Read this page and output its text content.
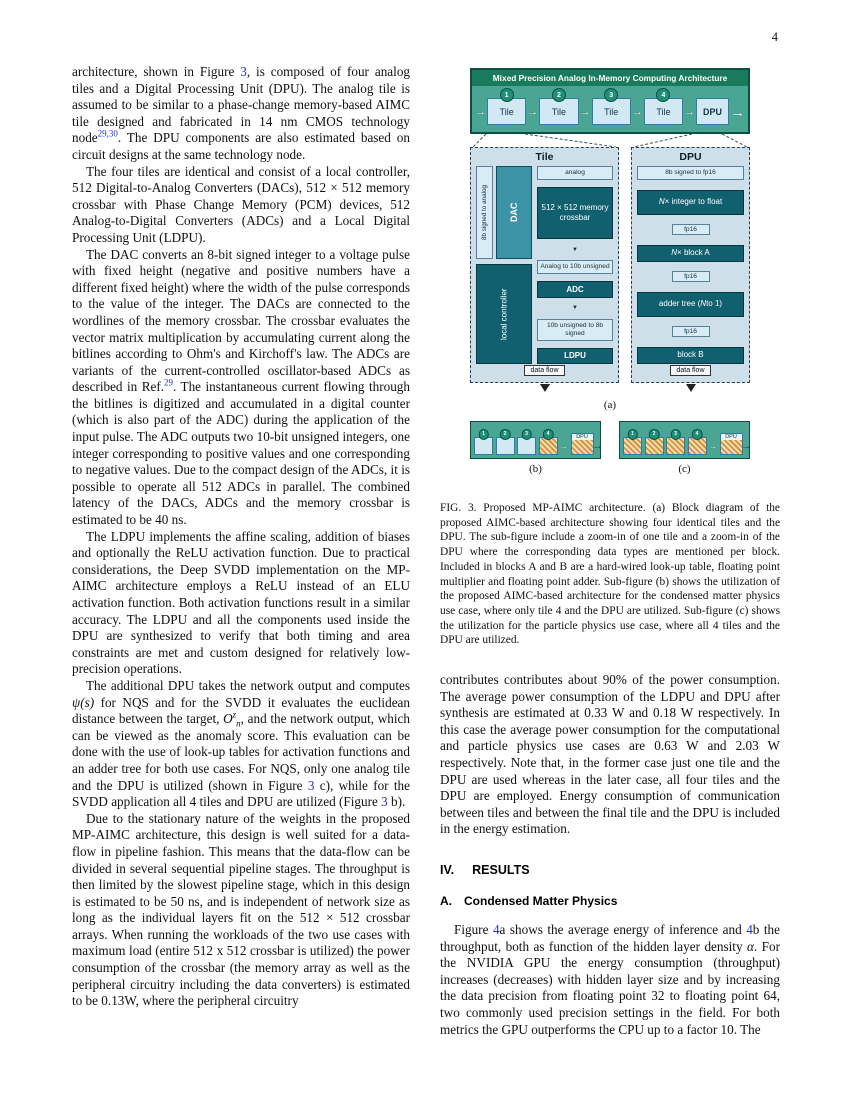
4

architecture, shown in Figure 3, is composed of four analog tiles and a Digital Processing Unit (DPU). The analog tile is assumed to be similar to a phase-change memory-based AIMC tile designed and fabricated in 14 nm CMOS technology node$^{29,30}$. The DPU components are also estimated based on circuit designs at the same technology node.

The four tiles are identical and consist of a local controller, 512 Digital-to-Analog Converters (DACs), 512 × 512 memory crossbar with Phase Change Memory (PCM) devices, 512 Analog-to-Digital Converters (ADCs) and a Local Digital Processing Unit (LDPU).

The DAC converts an 8-bit signed integer to a voltage pulse with fixed height (negative and positive numbers have a different fixed height) where the width of the pulse corresponds to the value of the integer. The DACs are connected to the wordlines of the memory crossbar. The crossbar evaluates the vector matrix multiplication by accumulating current along the bitlines according to Ohm's and Kirchoff's law. The ADCs are variants of the current-controlled oscillator-based ADCs as described in Ref.$^{29}$. The instantaneous current flowing through the bitlines is digitized and accumulated in a digital counter (which is also part of the ADC) during the application of the input pulse. The ADC outputs two 10-bit unsigned integers, one integer corresponding to positive values and one corresponding to negative values. Due to the compact design of the ADCs, it is possible to operate all 512 ADCs in parallel. The combined latency of the DACs, ADCs and the memory crossbar is estimated to be 40 ns.

The LDPU implements the affine scaling, addition of biases and optionally the ReLU activation function. Due to practical considerations, the Deep SVDD implementation on the MP-AIMC architecture employs a ReLU instead of an ELU activation function. Both activation functions result in a similar accuracy. The LDPU and all the components used inside the DPU are synthesized to verify that both timing and area constraints are met and custom designed for relatively low-precision operations.

The additional DPU takes the network output and computes ψ(s) for NQS and for the SVDD it evaluates the euclidean distance between the target, $O^z_n$, and the network output, which can be viewed as the anomaly score. This evaluation can be done with the use of look-up tables for activation functions and an adder tree for both use cases. For NQS, only one analog tile and the DPU is utilized (shown in Figure 3 c), while for the SVDD application all 4 tiles and DPU are utilized (Figure 3 b).

Due to the stationary nature of the weights in the proposed MP-AIMC architecture, this design is well suited for a data-flow in pipeline fashion. This means that the data-flow can be divided in several sequential pipeline stages. The throughput is then limited by the slowest pipeline stage, which in this design is estimated to be 50 ns, and is independent of network size as long as the individual layers fit on the 512 × 512 crossbar arrays. When running the workloads of the two use cases with maximum load (entire 512 x 512 crossbar is utilized) the power consumption of the crossbar (the memory array as well as the peripheral circuitry including the data converters) is estimated to be 0.13W, where the peripheral circuitry

Mixed Precision Analog In-Memory Computing Architecture
→
1
Tile
→
2
Tile
→
3
Tile
→
4
Tile →	DPU
→
Tile
8b signed to analog	DAC
local controller
analog
512 × 512 memory crossbar
▼
Analog to 10b unsigned
ADC
▼
10b unsigned to 8b signed
LDPU
data flow
DPU
8b signed to fp16
N × integer to float
fp16
N × block A
fp16
adder tree ( N to 1)
fp16
block B
data flow
(a)
1	2	3	4
→	DPU
→
(b)
1	2	3	4
→	DPU
→
(c)

FIG. 3. Proposed MP-AIMC architecture. (a) Block diagram of the proposed AIMC-based architecture showing four identical tiles and the DPU. The sub-figure include a zoom-in of one tile and a zoom-in of the DPU where the corresponding data types are mentioned per block. Included in blocks A and B are a hard-wired look-up table, floating point multiplier and floating point adder. Sub-figure (b) shows the utilization of the proposed AIMC-based architecture for the condensed matter physics use case, where only tile 4 and the DPU are utilized. Sub-figure (c) shows the utilization for the particle physics use case, where all 4 tiles and the DPU are utilized.

contributes contributes about 90% of the power consumption. The average power consumption of the LDPU and DPU after synthesis are estimated at 0.33 W and 0.18 W respectively. In this case the average power consumption for the computational and particle physics use cases are 0.63 W and 2.03 W respectively. Note that, in the former case just one tile and the DPU are used whereas in the later case, all four tiles and the DPU are employed. Energy consumption of communication between tiles and between the final tile and the DPU is included in the energy estimation.

IV. RESULTS
A. Condensed Matter Physics

Figure 4a shows the average energy of inference and 4b the throughput, both as function of the hidden layer density α. For the NVIDIA GPU the energy consumption (throughput) increases (decreases) with hidden layer size and by increasing the data precision from floating point 32 to floating point 64, two commonly used precision settings in the field. For both metrics the GPU outperforms the CPU up to a factor 10. The
